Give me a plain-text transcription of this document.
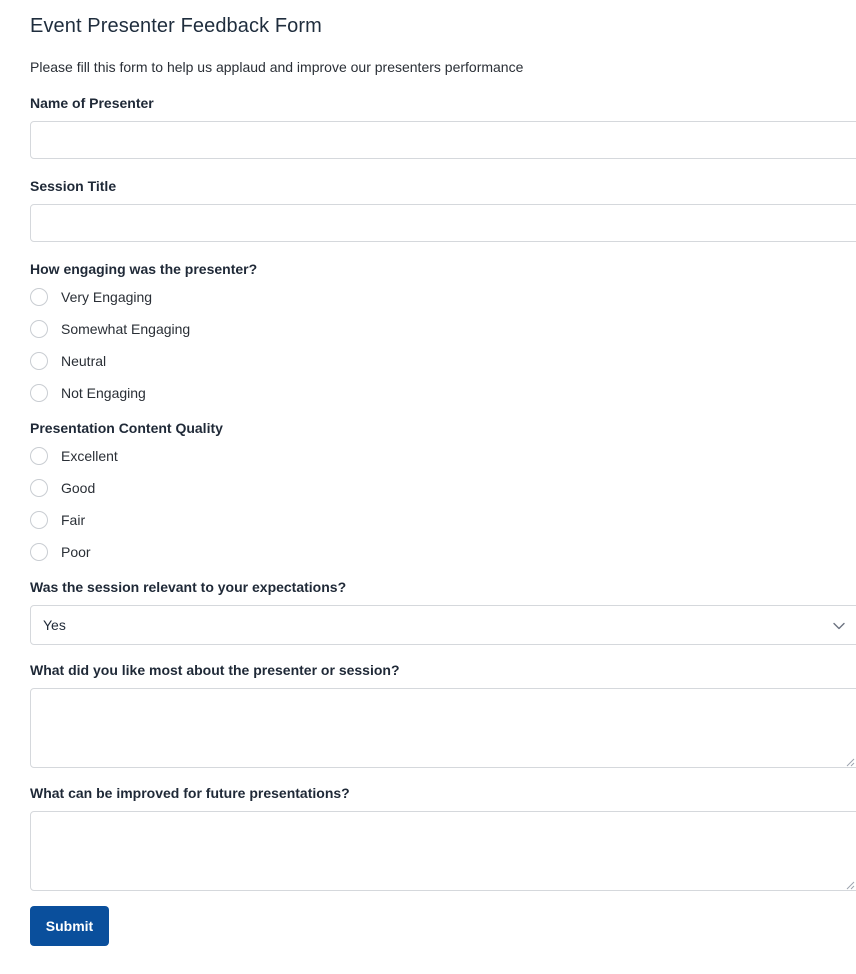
Event Presenter Feedback Form
Please fill this form to help us applaud and improve our presenters performance
Name of Presenter
Session Title
How engaging was the presenter?
Very Engaging
Somewhat Engaging
Neutral
Not Engaging
Presentation Content Quality
Excellent
Good
Fair
Poor
Was the session relevant to your expectations?
Yes
What did you like most about the presenter or session?
What can be improved for future presentations?
Submit
